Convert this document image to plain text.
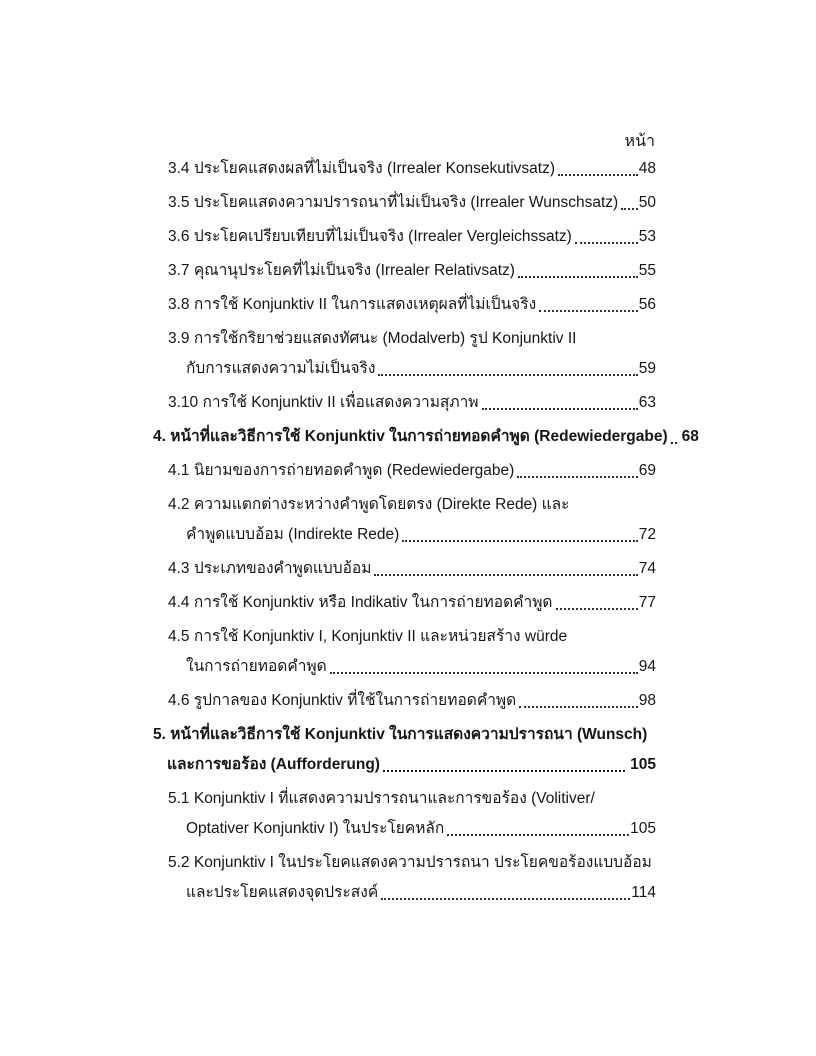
หน้า
3.4 ประโยคแสดงผลที่ไม่เป็นจริง (Irrealer Konsekutivsatz)	48
3.5 ประโยคแสดงความปรารถนาที่ไม่เป็นจริง (Irrealer Wunschsatz) 50
3.6 ประโยคเปรียบเทียบที่ไม่เป็นจริง (Irrealer Vergleichssatz)	53
3.7 คุณานุประโยคที่ไม่เป็นจริง (Irrealer Relativsatz)	55
3.8 การใช้ Konjunktiv II ในการแสดงเหตุผลที่ไม่เป็นจริง	56
3.9 การใช้กริยาช่วยแสดงทัศนะ (Modalverb) รูป Konjunktiv II
กับการแสดงความไม่เป็นจริง	59
3.10 การใช้ Konjunktiv II เพื่อแสดงความสุภาพ	63
4. หน้าที่และวิธีการใช้ Konjunktiv ในการถ่ายทอดคำพูด (Redewiedergabe) 68
4.1 นิยามของการถ่ายทอดคำพูด (Redewiedergabe)	69
4.2 ความแตกต่างระหว่างคำพูดโดยตรง (Direkte Rede) และ
คำพูดแบบอ้อม (Indirekte Rede)	72
4.3 ประเภทของคำพูดแบบอ้อม	74
4.4 การใช้ Konjunktiv หรือ Indikativ ในการถ่ายทอดคำพูด	77
4.5 การใช้ Konjunktiv I, Konjunktiv II และหน่วยสร้าง würde
ในการถ่ายทอดคำพูด	94
4.6 รูปกาลของ Konjunktiv ที่ใช้ในการถ่ายทอดคำพูด	98
5. หน้าที่และวิธีการใช้ Konjunktiv ในการแสดงความปรารถนา (Wunsch)
และการขอร้อง (Aufforderung)	105
5.1 Konjunktiv I ที่แสดงความปรารถนาและการขอร้อง (Volitiver/
Optativer Konjunktiv I) ในประโยคหลัก	105
5.2 Konjunktiv I ในประโยคแสดงความปรารถนา ประโยคขอร้องแบบอ้อม
และประโยคแสดงจุดประสงค์	114
